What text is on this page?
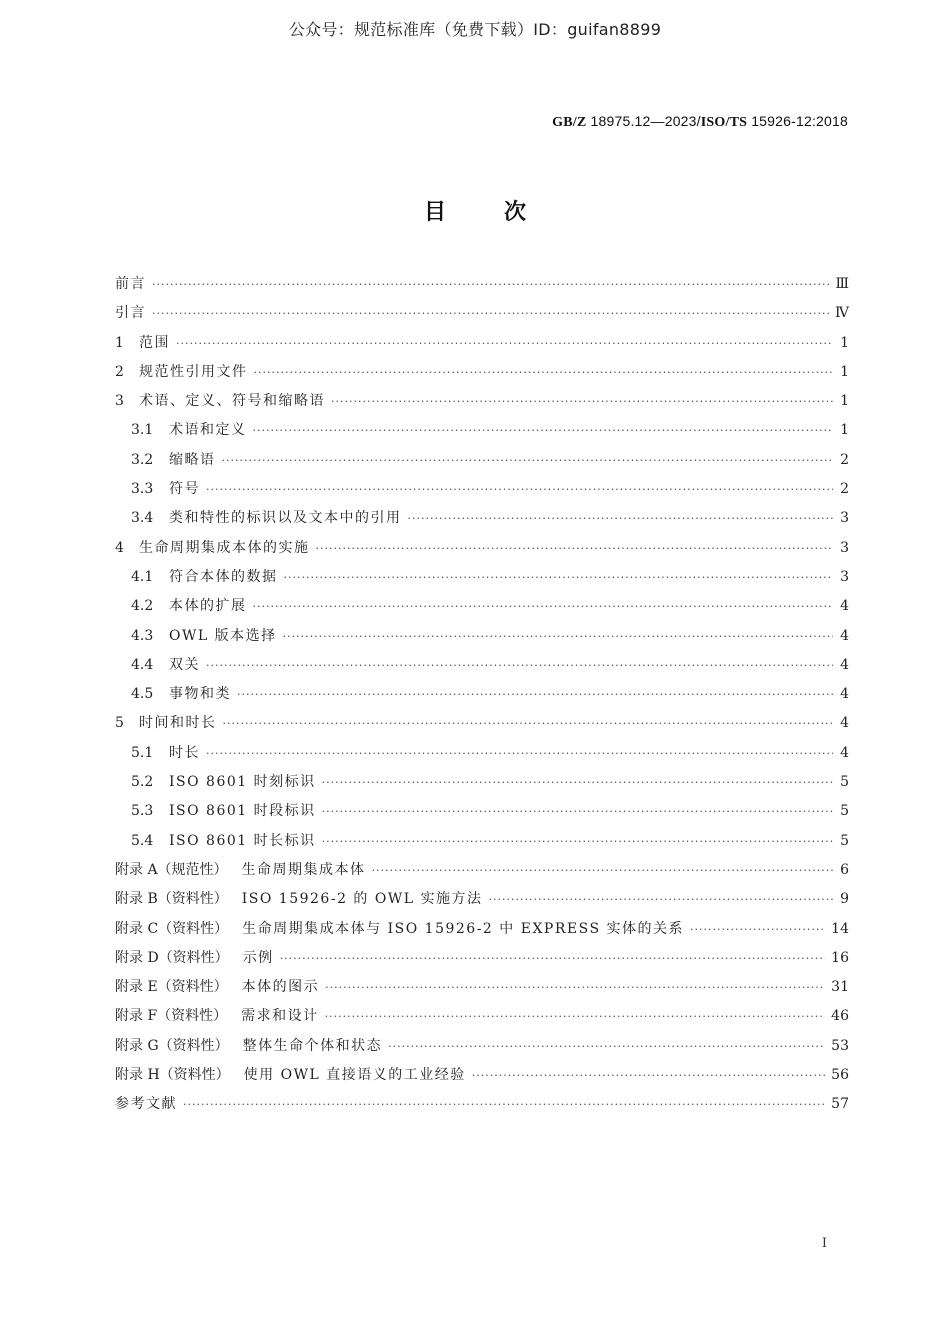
公众号：规范标准库（免费下载）ID：guifan8899
GB/Z 18975.12—2023/ISO/TS 15926-12:2018
目次
前言 ·····	Ⅲ
引言 ·····	Ⅳ
1	范围 ·····	1
2	规范性引用文件 ·····	1
3	术语、定义、符号和缩略语 ·····	1
3.1	术语和定义 ·····	1
3.2	缩略语 ·····	2
3.3	符号 ·····	2
3.4	类和特性的标识以及文本中的引用 ·····	3
4	生命周期集成本体的实施 ·····	3
4.1	符合本体的数据 ·····	3
4.2	本体的扩展 ·····	4
4.3	OWL 版本选择 ·····	4
4.4	双关 ·····	4
4.5	事物和类 ·····	4
5	时间和时长 ·····	4
5.1	时长 ·····	4
5.2	ISO 8601 时刻标识 ·····	5
5.3	ISO 8601 时段标识 ·····	5
5.4	ISO 8601 时长标识 ·····	5
附录 A（规范性） 生命周期集成本体 ·····	6
附录 B（资料性） ISO 15926-2 的 OWL 实施方法 ·····	9
附录 C（资料性） 生命周期集成本体与 ISO 15926-2 中 EXPRESS 实体的关系 ·····	14
附录 D（资料性） 示例 ·····	16
附录 E（资料性） 本体的图示 ·····	31
附录 F（资料性） 需求和设计 ·····	46
附录 G（资料性） 整体生命个体和状态 ·····	53
附录 H（资料性） 使用 OWL 直接语义的工业经验 ·····	56
参考文献 ·····	57
Ⅰ
